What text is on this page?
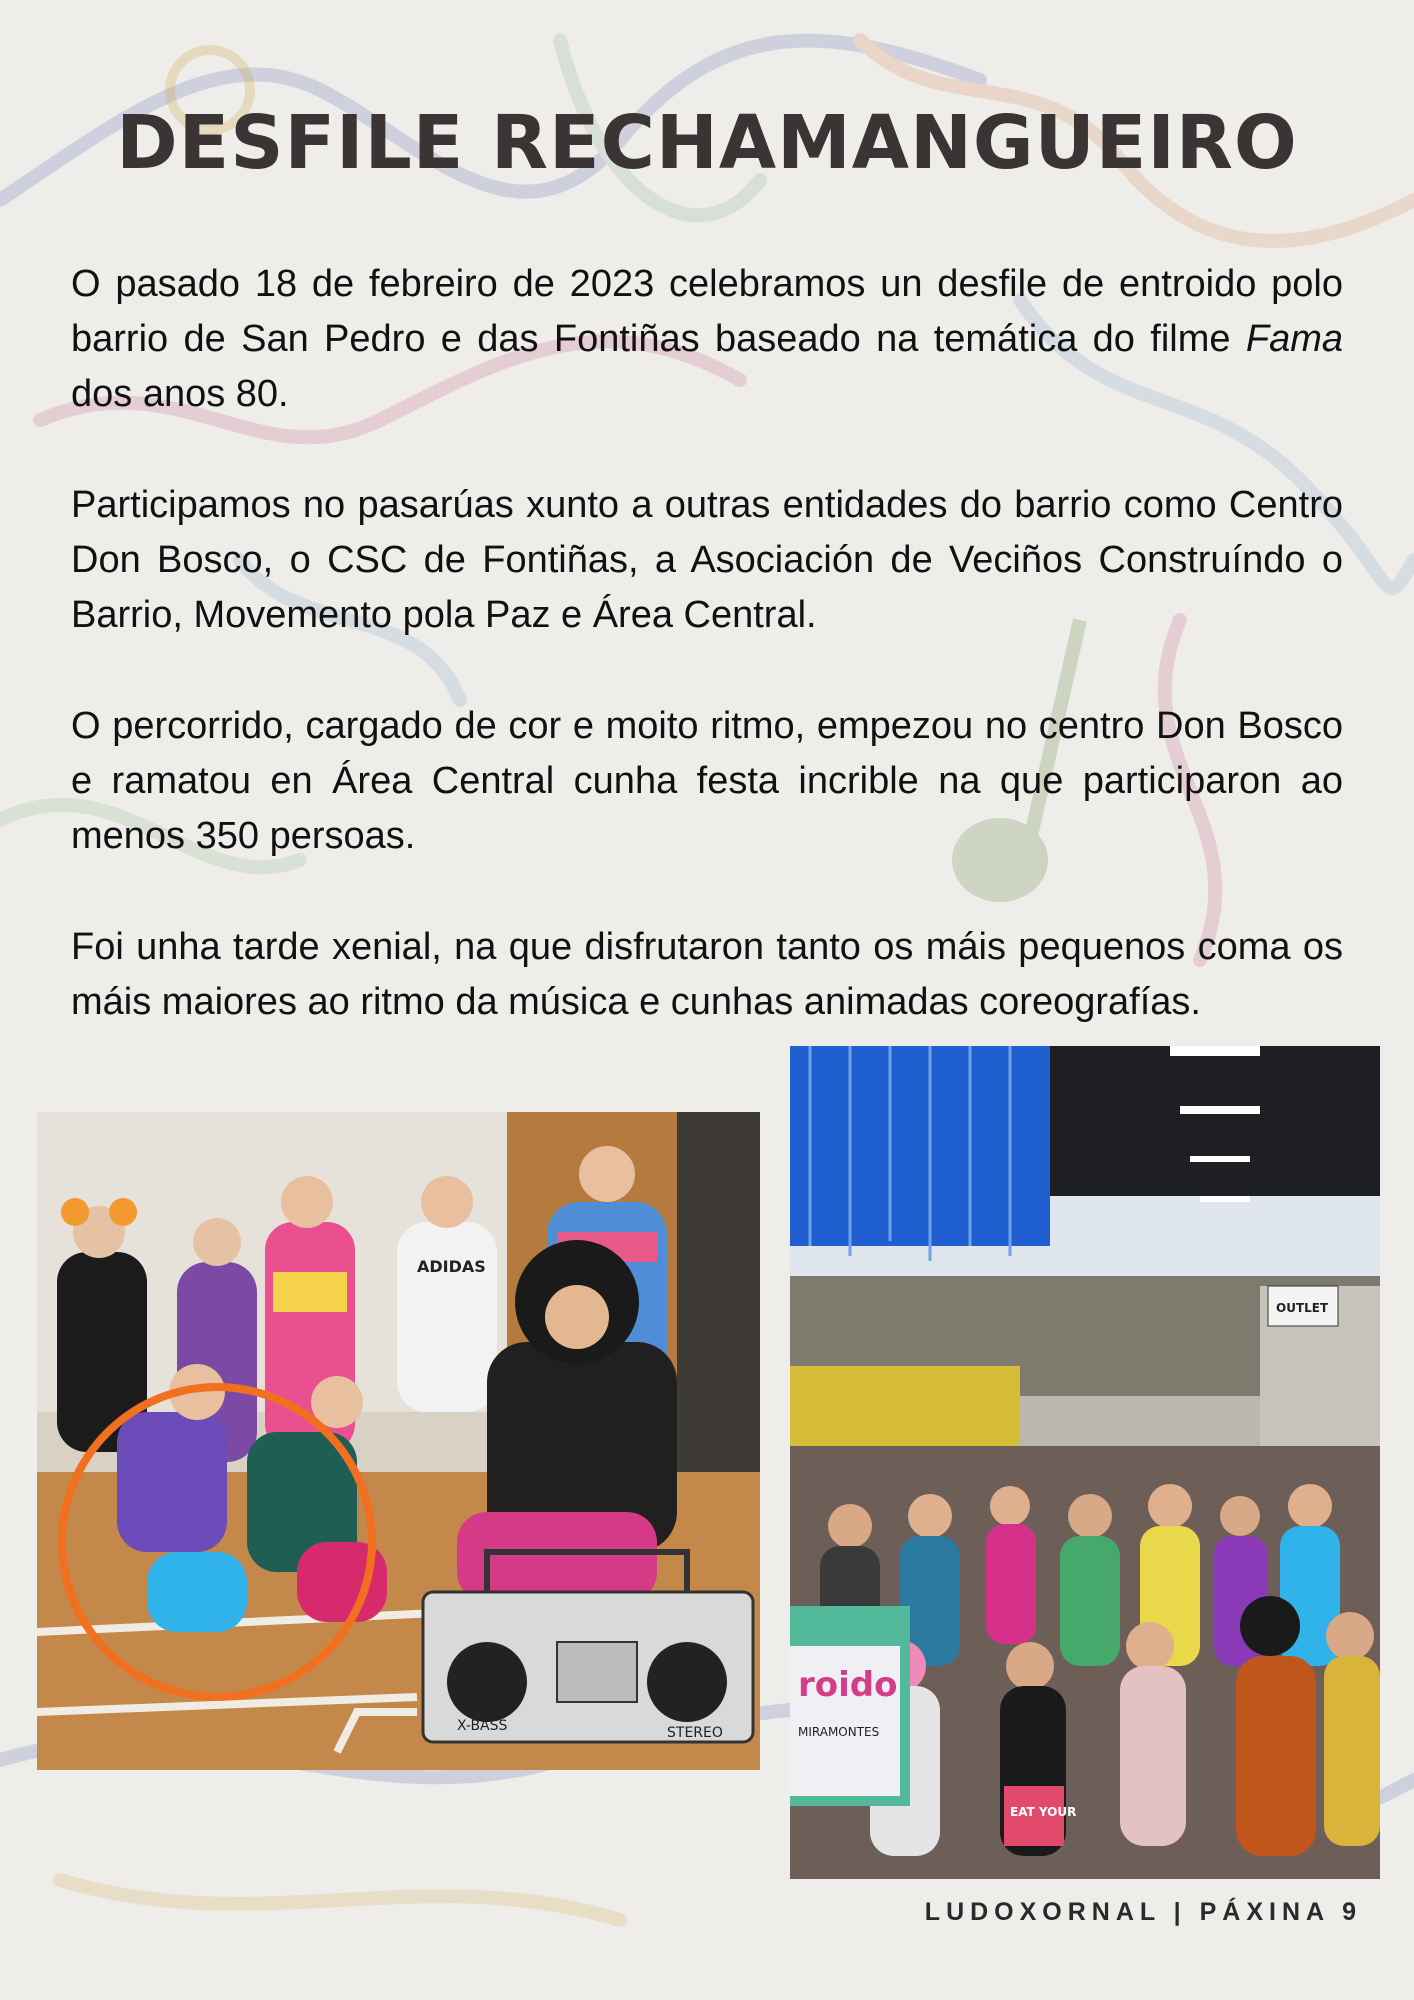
DESFILE RECHAMANGUEIRO

O pasado 18 de febreiro de 2023 celebramos un desfile de entroido polo barrio de San Pedro e das Fontiñas baseado na temática do filme Fama dos anos 80.

Participamos no pasarúas xunto a outras entidades do barrio como Centro Don Bosco, o CSC de Fontiñas, a Asociación de Veciños Construíndo o Barrio, Movemento pola Paz e Área Central.

O percorrido, cargado de cor e moito ritmo, empezou no centro Don Bosco e ramatou en Área Central cunha festa incrible na que participaron ao menos 350 persoas.

Foi unha tarde xenial, na que disfrutaron tanto os máis pequenos coma os máis maiores ao ritmo da música e cunhas animadas coreografías.

X-BASS	STEREO
ADIDAS
OUTLET
roido
MIRAMONTES
EAT YOUR
LUDOXORNAL | PÁXINA 9
